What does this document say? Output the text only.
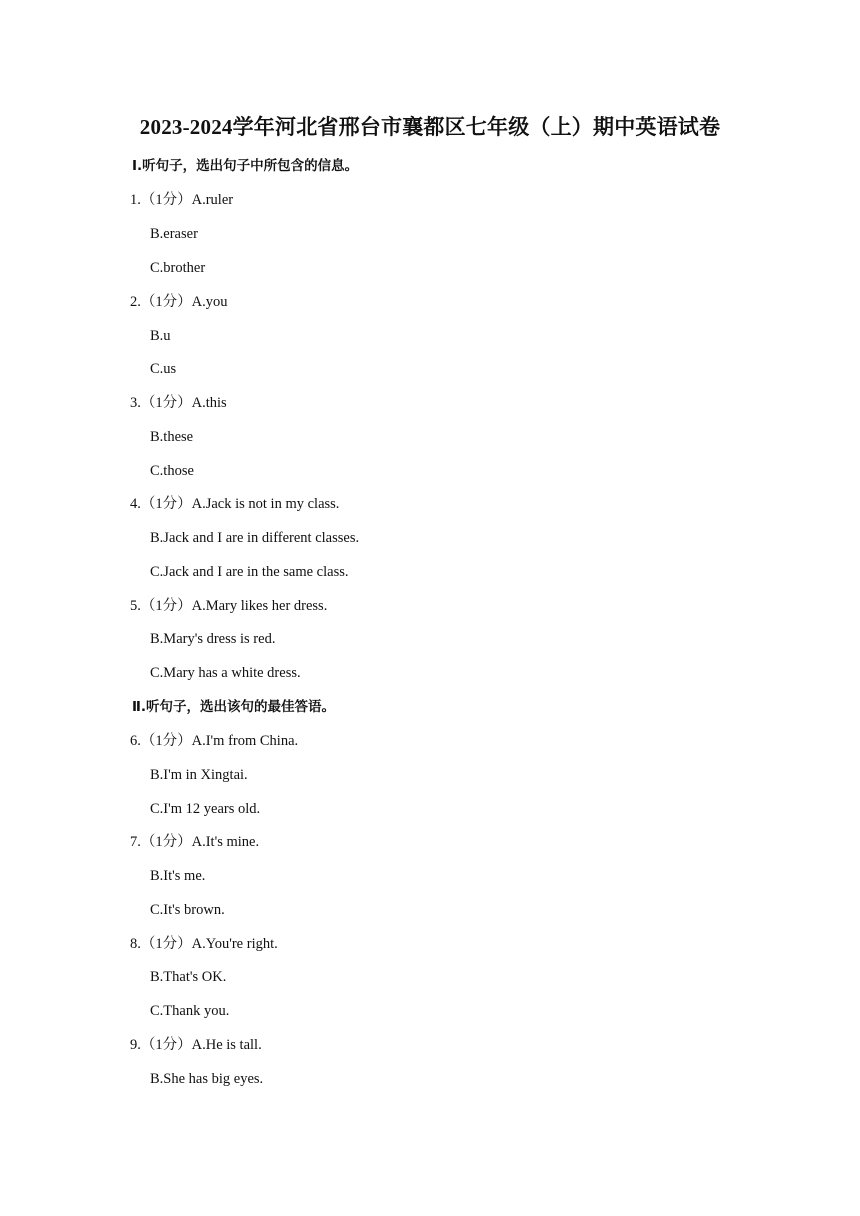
2023-2024学年河北省邢台市襄都区七年级（上）期中英语试卷
Ⅰ.听句子，选出句子中所包含的信息。
1.（1分）A.ruler
B.eraser
C.brother
2.（1分）A.you
B.u
C.us
3.（1分）A.this
B.these
C.those
4.（1分）A.Jack is not in my class.
B.Jack and I are in different classes.
C.Jack and I are in the same class.
5.（1分）A.Mary likes her dress.
B.Mary's dress is red.
C.Mary has a white dress.
Ⅱ.听句子，选出该句的最佳答语。
6.（1分）A.I'm from China.
B.I'm in Xingtai.
C.I'm 12 years old.
7.（1分）A.It's mine.
B.It's me.
C.It's brown.
8.（1分）A.You're right.
B.That's OK.
C.Thank you.
9.（1分）A.He is tall.
B.She has big eyes.
